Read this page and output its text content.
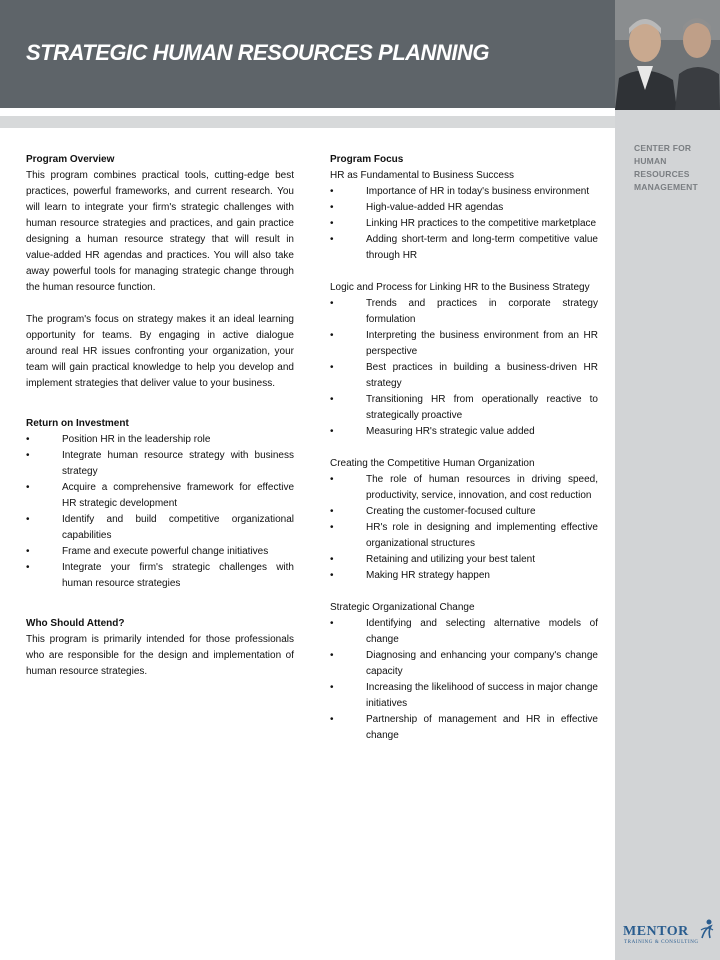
STRATEGIC HUMAN RESOURCES PLANNING
CENTER FOR
HUMAN
RESOURCES
MANAGEMENT
MENTOR
TRAINING & CONSULTING
Program Overview

This program combines practical tools, cutting-edge best practices, powerful frameworks, and current research. You will learn to integrate your firm's strategic challenges with human resource strategies and practices, and gain practice designing a human resource strategy that will result in value-added HR agendas and practices. You will also take away powerful tools for managing strategic change through the human resource function.

The program's focus on strategy makes it an ideal learning opportunity for teams. By engaging in active dialogue around real HR issues confronting your organization, your team will gain practical knowledge to help you develop and implement strategies that deliver value to your business.

Return on Investment
•	Position HR in the leadership role
•	Integrate human resource strategy with business strategy
•	Acquire a comprehensive framework for effective HR strategic development
•	Identify and build competitive organizational capabilities
•	Frame and execute powerful change initiatives
•	Integrate your firm's strategic challenges with human resource strategies
Who Should Attend?

This program is primarily intended for those professionals who are responsible for the design and implementation of human resource strategies.

Program Focus
HR as Fundamental to Business Success
•	Importance of HR in today's business environment
•	High-value-added HR agendas
•	Linking HR practices to the competitive marketplace
•	Adding short-term and long-term competitive value through HR
Logic and Process for Linking HR to the Business Strategy
•	Trends and practices in corporate strategy formulation
•	Interpreting the business environment from an HR perspective
•	Best practices in building a business-driven HR strategy
•	Transitioning HR from operationally reactive to strategically proactive
•	Measuring HR's strategic value added
Creating the Competitive Human Organization
•	The role of human resources in driving speed, productivity, service, innovation, and cost reduction
•	Creating the customer-focused culture
•	HR's role in designing and implementing effective organizational structures
•	Retaining and utilizing your best talent
•	Making HR strategy happen
Strategic Organizational Change
•	Identifying and selecting alternative models of change
•	Diagnosing and enhancing your company's change capacity
•	Increasing the likelihood of success in major change initiatives
•	Partnership of management and HR in effective change
